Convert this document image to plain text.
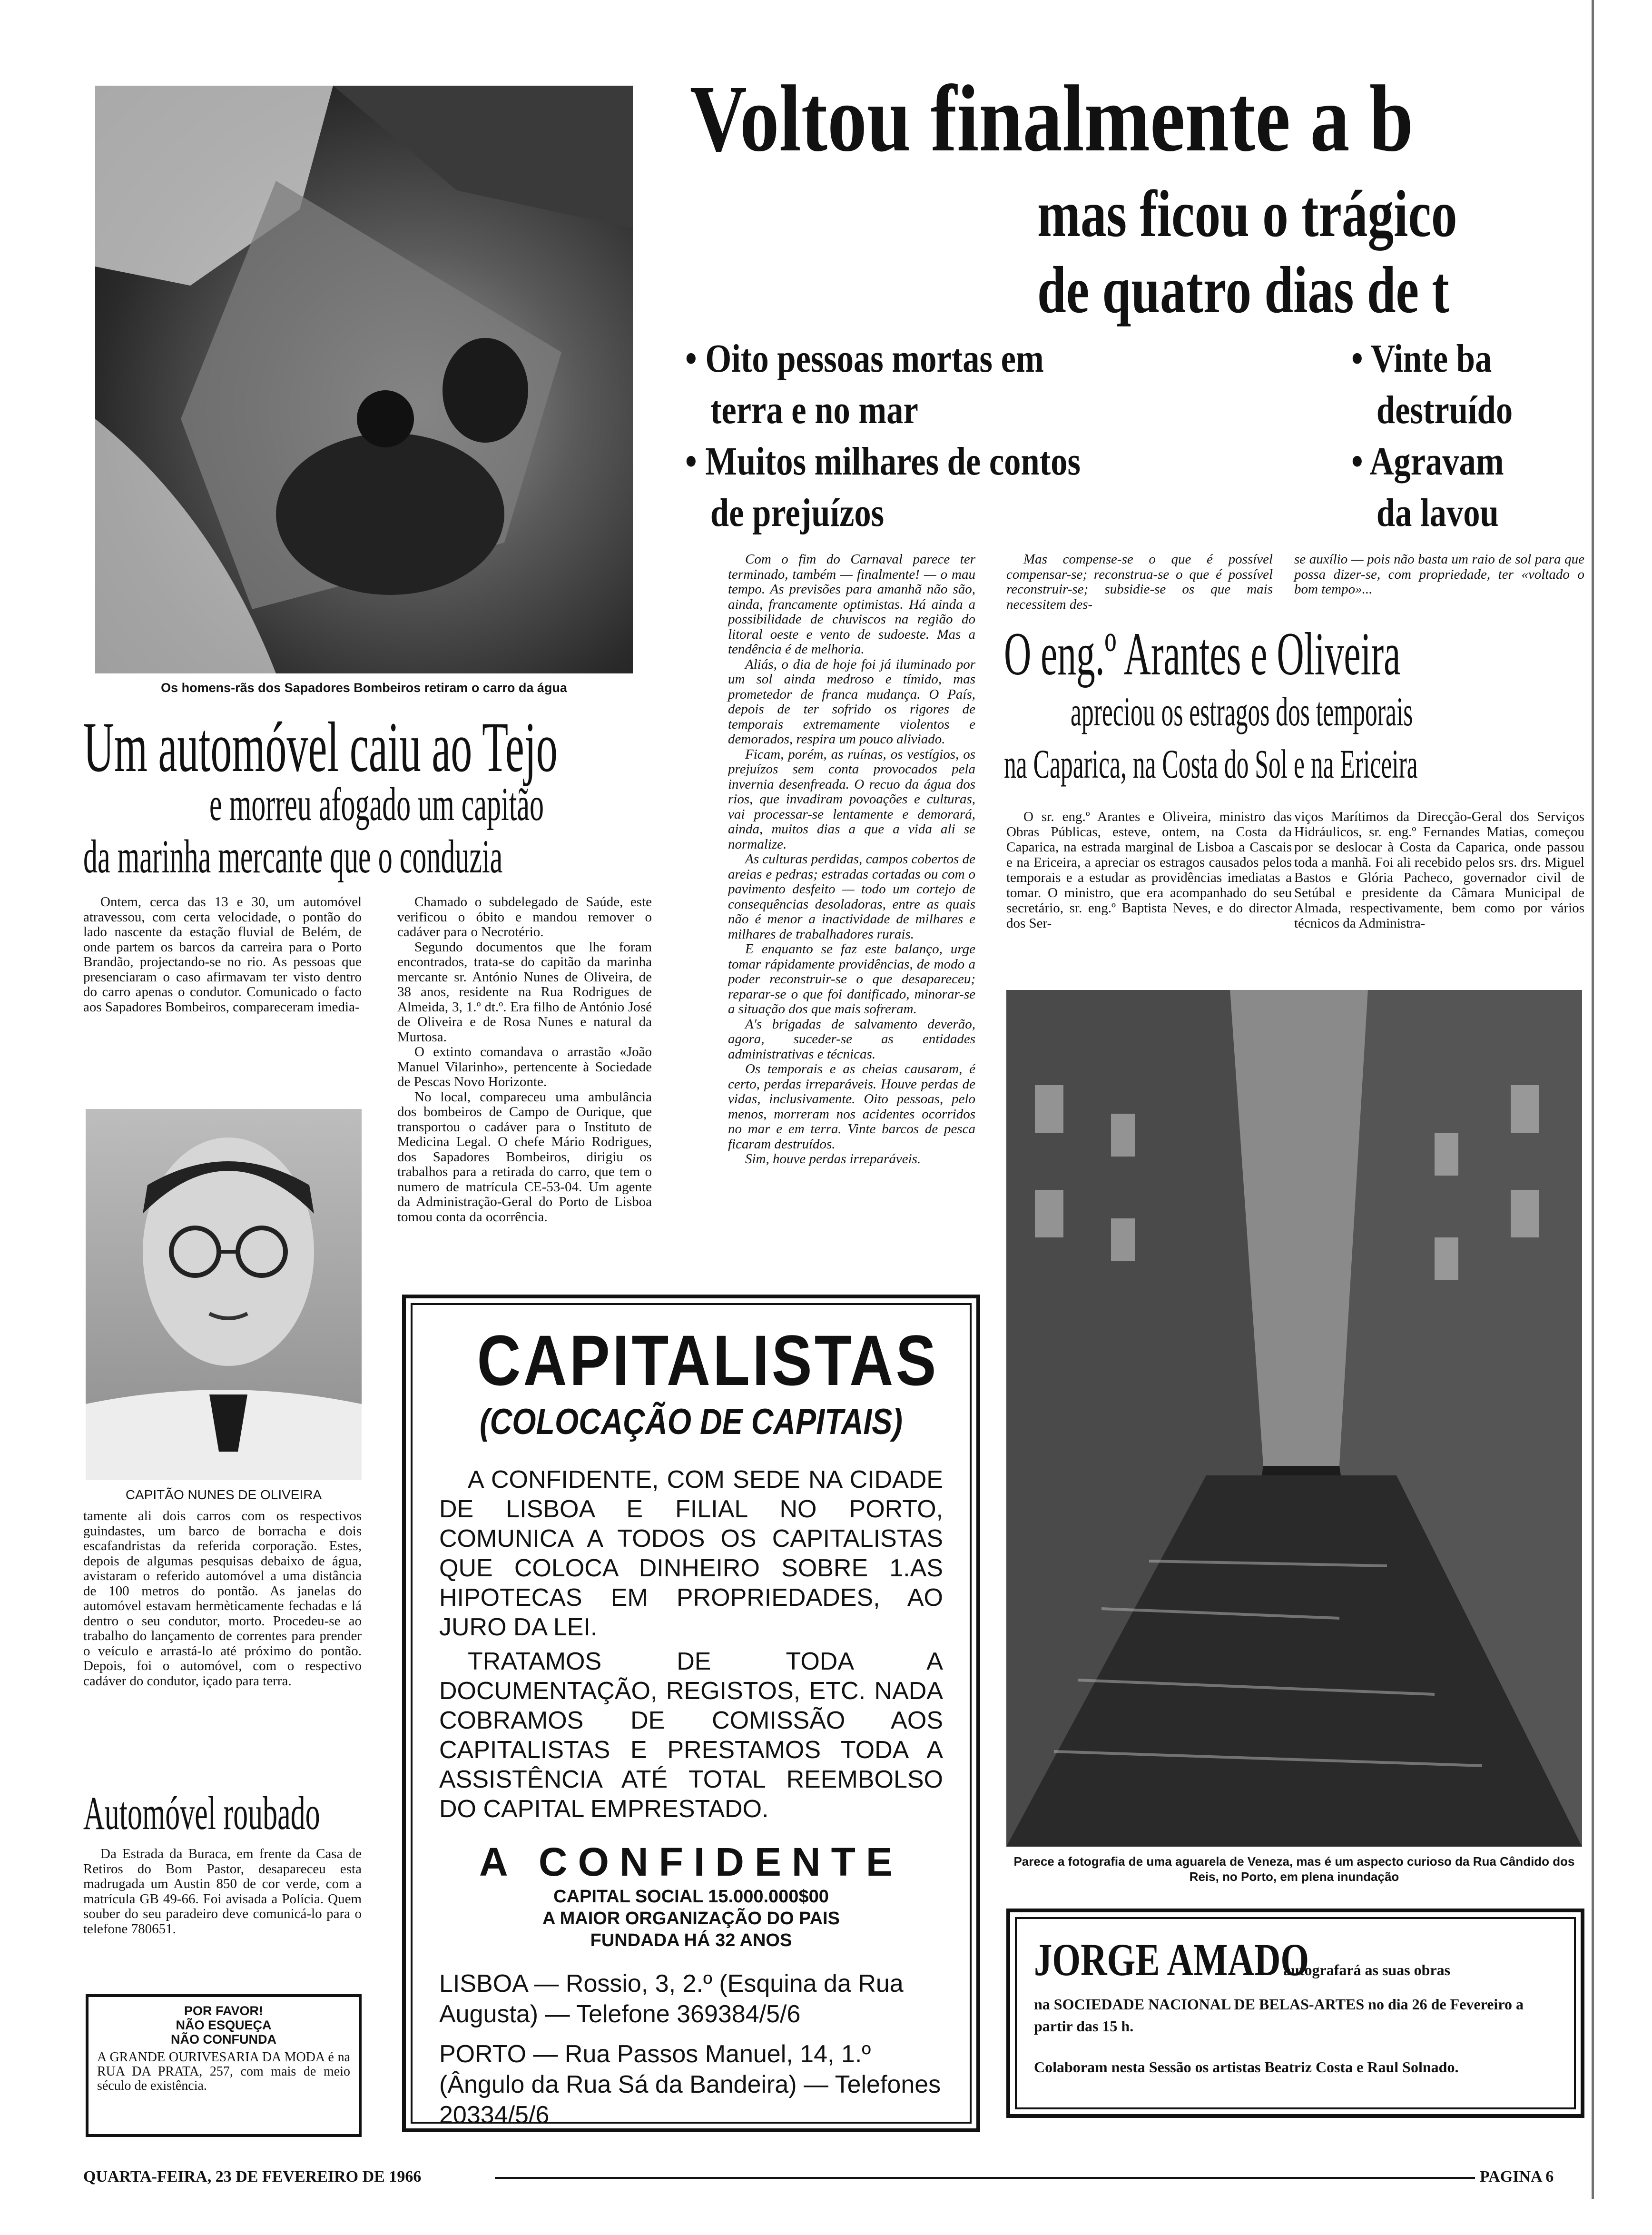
Os homens-rãs dos Sapadores Bombeiros retiram o carro da água
Voltou finalmente a b
mas ficou o trágico
de quatro dias de t
• Oito pessoas mortas em
terra e no mar
• Muitos milhares de contos
de prejuízos
• Vinte ba
destruído
• Agravam
da lavou

Com o fim do Carnaval parece ter terminado, também — finalmente! — o mau tempo. As previsões para amanhã não são, ainda, francamente optimistas. Há ainda a possibilidade de chuviscos na região do litoral oeste e vento de sudoeste. Mas a tendência é de melhoria.

Aliás, o dia de hoje foi já iluminado por um sol ainda medroso e tímido, mas prometedor de franca mudança. O País, depois de ter sofrido os rigores de temporais extremamente violentos e demorados, respira um pouco aliviado.

Ficam, porém, as ruínas, os vestígios, os prejuízos sem conta provocados pela invernia desenfreada. O recuo da água dos rios, que invadiram povoações e culturas, vai processar-se lentamente e demorará, ainda, muitos dias a que a vida ali se normalize.

As culturas perdidas, campos cobertos de areias e pedras; estradas cortadas ou com o pavimento desfeito — todo um cortejo de consequências desoladoras, entre as quais não é menor a inactividade de milhares e milhares de trabalhadores rurais.

E enquanto se faz este balanço, urge tomar rápidamente providências, de modo a poder reconstruir-se o que desapareceu; reparar-se o que foi danificado, minorar-se a situação dos que mais sofreram.

A's brigadas de salvamento deverão, agora, suceder-se as entidades administrativas e técnicas.

Os temporais e as cheias causaram, é certo, perdas irreparáveis. Houve perdas de vidas, inclusivamente. Oito pessoas, pelo menos, morreram nos acidentes ocorridos no mar e em terra. Vinte barcos de pesca ficaram destruídos.

Sim, houve perdas irreparáveis.

Mas compense-se o que é possível compensar-se; reconstrua-se o que é possível reconstruir-se; subsidie-se os que mais necessitem des-

se auxílio — pois não basta um raio de sol para que possa dizer-se, com propriedade, ter «voltado o bom tempo»...

O eng.º Arantes e Oliveira
apreciou os estragos dos temporais
na Caparica, na Costa do Sol e na Ericeira

O sr. eng.º Arantes e Oliveira, ministro das Obras Públicas, esteve, ontem, na Costa da Caparica, na estrada marginal de Lisboa a Cascais e na Ericeira, a apreciar os estragos causados pelos temporais e a estudar as providências imediatas a tomar. O ministro, que era acompanhado do seu secretário, sr. eng.º Baptista Neves, e do director dos Ser-

viços Marítimos da Direcção-Geral dos Serviços Hidráulicos, sr. eng.º Fernandes Matias, começou por se deslocar à Costa da Caparica, onde passou toda a manhã. Foi ali recebido pelos srs. drs. Miguel Bastos e Glória Pacheco, governador civil de Setúbal e presidente da Câmara Municipal de Almada, respectivamente, bem como por vários técnicos da Administra-

Parece a fotografia de uma aguarela de Veneza, mas é um aspecto curioso da Rua Cândido dos Reis, no Porto, em plena inundação
Um automóvel caiu ao Tejo
e morreu afogado um capitão
da marinha mercante que o conduzia

Ontem, cerca das 13 e 30, um automóvel atravessou, com certa velocidade, o pontão do lado nascente da estação fluvial de Belém, de onde partem os barcos da carreira para o Porto Brandão, projectando-se no rio. As pessoas que presenciaram o caso afirmavam ter visto dentro do carro apenas o condutor. Comunicado o facto aos Sapadores Bombeiros, compareceram imedia-

Chamado o subdelegado de Saúde, este verificou o óbito e mandou remover o cadáver para o Necrotério.

Segundo documentos que lhe foram encontrados, trata-se do capitão da marinha mercante sr. António Nunes de Oliveira, de 38 anos, residente na Rua Rodrigues de Almeida, 3, 1.º dt.º. Era filho de António José de Oliveira e de Rosa Nunes e natural da Murtosa.

O extinto comandava o arrastão «João Manuel Vilarinho», pertencente à Sociedade de Pescas Novo Horizonte.

No local, compareceu uma ambulância dos bombeiros de Campo de Ourique, que transportou o cadáver para o Instituto de Medicina Legal. O chefe Mário Rodrigues, dos Sapadores Bombeiros, dirigiu os trabalhos para a retirada do carro, que tem o numero de matrícula CE-53-04. Um agente da Administração-Geral do Porto de Lisboa tomou conta da ocorrência.

CAPITÃO NUNES DE OLIVEIRA

tamente ali dois carros com os respectivos guindastes, um barco de borracha e dois escafandristas da referida corporação. Estes, depois de algumas pesquisas debaixo de água, avistaram o referido automóvel a uma distância de 100 metros do pontão. As janelas do automóvel estavam hermèticamente fechadas e lá dentro o seu condutor, morto. Procedeu-se ao trabalho do lançamento de correntes para prender o veículo e arrastá-lo até próximo do pontão. Depois, foi o automóvel, com o respectivo cadáver do condutor, içado para terra.

Automóvel roubado

Da Estrada da Buraca, em frente da Casa de Retiros do Bom Pastor, desapareceu esta madrugada um Austin 850 de cor verde, com a matrícula GB 49-66. Foi avisada a Polícia. Quem souber do seu paradeiro deve comunicá-lo para o telefone 780651.

POR FAVOR!
NÃO ESQUEÇA
NÃO CONFUNDA
A GRANDE OURIVESARIA DA MODA é na RUA DA PRATA, 257, com mais de meio século de existência.
CAPITALISTAS
(COLOCAÇÃO DE CAPITAIS)
A CONFIDENTE, COM SEDE NA CIDADE DE LISBOA E FILIAL NO PORTO, COMUNICA A TODOS OS CAPITALISTAS QUE COLOCA DINHEIRO SOBRE 1.AS HIPOTECAS EM PROPRIEDADES, AO JURO DA LEI.
TRATAMOS DE TODA A DOCUMENTAÇÃO, REGISTOS, ETC. NADA COBRAMOS DE COMISSÃO AOS CAPITALISTAS E PRESTAMOS TODA A ASSISTÊNCIA ATÉ TOTAL REEMBOLSO DO CAPITAL EMPRESTADO.
A CONFIDENTE
CAPITAL SOCIAL 15.000.000$00
A MAIOR ORGANIZAÇÃO DO PAIS
FUNDADA HÁ 32 ANOS
LISBOA — Rossio, 3, 2.º (Esquina da Rua Augusta) — Telefone 369384/5/6
PORTO — Rua Passos Manuel, 14, 1.º (Ângulo da Rua Sá da Bandeira) — Telefones 20334/5/6
JORGE AMADO autografará as suas obras
na SOCIEDADE NACIONAL DE BELAS-ARTES no dia 26 de Fevereiro a partir das 15 h.
Colaboram nesta Sessão os artistas Beatriz Costa e Raul Solnado.
QUARTA-FEIRA, 23 DE FEVEREIRO DE 1966	PAGINA 6
